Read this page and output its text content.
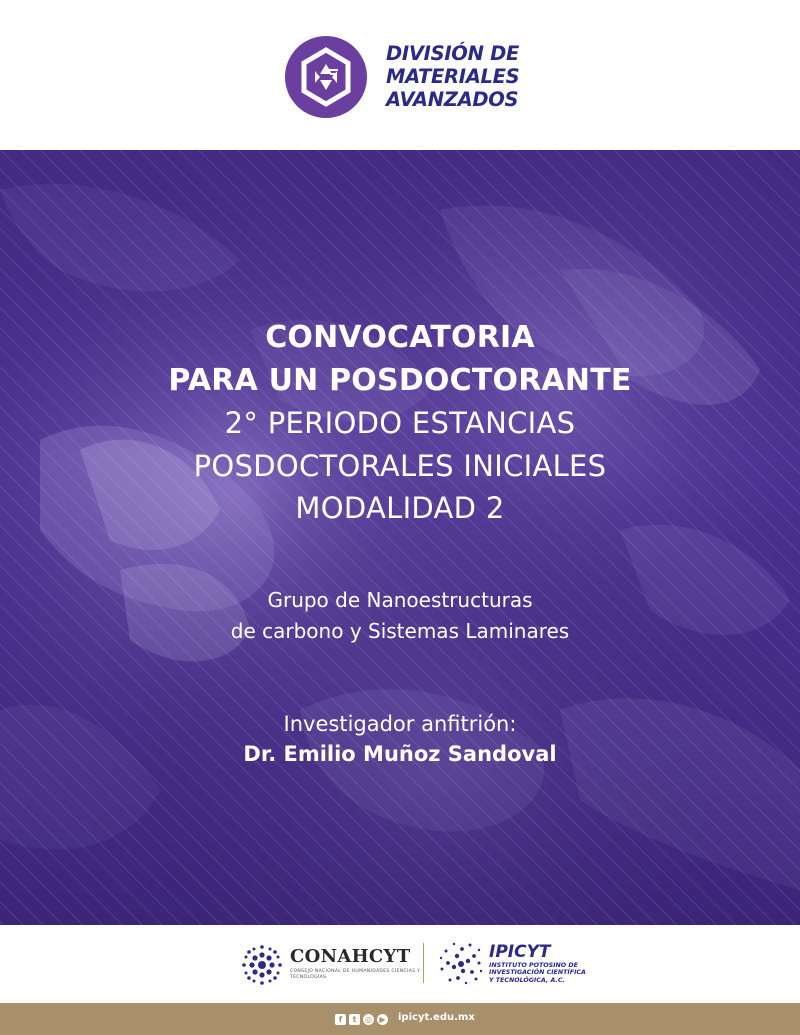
DIVISIÓN DE
MATERIALES
AVANZADOS
CONVOCATORIA
PARA UN POSDOCTORANTE
2° PERIODO ESTANCIAS
POSDOCTORALES INICIALES
MODALIDAD 2
Grupo de Nanoestructuras
de carbono y Sistemas Laminares
Investigador anfitrión:
Dr. Emilio Muñoz Sandoval
CONAHCYT
CONSEJO NACIONAL DE HUMANIDADES CIENCIAS Y TECNOLOGÍAS
IPICYT
INSTITUTO POTOSINO DE
INVESTIGACIÓN CIENTÍFICA
Y TECNOLÓGICA, A.C.
f	t	◎ ▶ ipicyt.edu.mx
